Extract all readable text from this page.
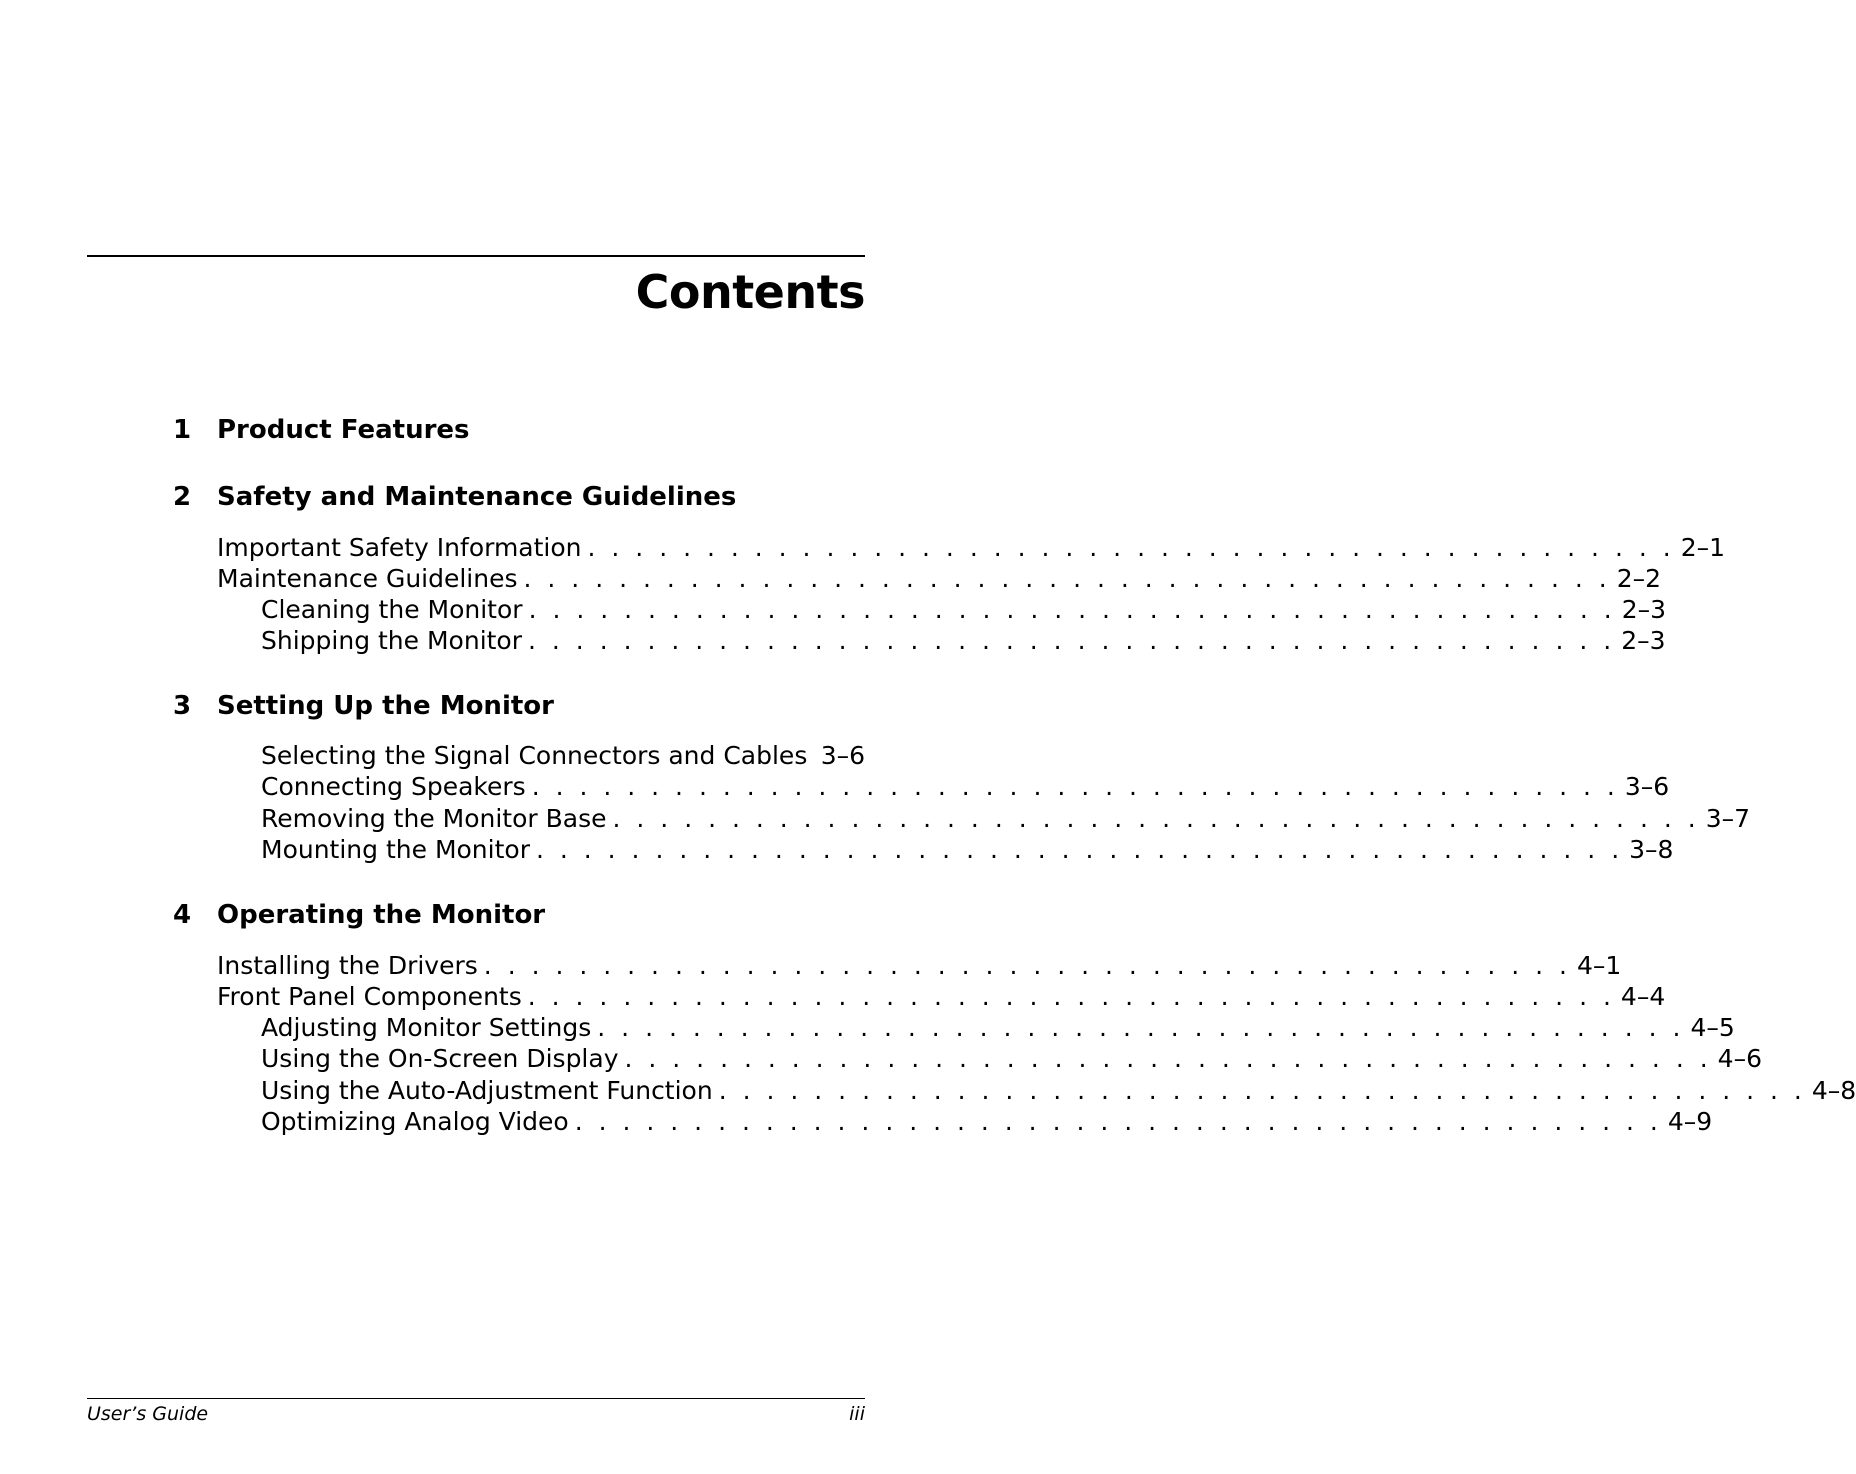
Contents
1 Product Features
2 Safety and Maintenance Guidelines
Important Safety Information . . . . . . . . . . . . . . . . . . . . . . . . . . . . . . . . . . . . . . . . . . . . . . 2–1
Maintenance Guidelines . . . . . . . . . . . . . . . . . . . . . . . . . . . . . . . . . . . . . . . . . . . . . . 2–2
Cleaning the Monitor . . . . . . . . . . . . . . . . . . . . . . . . . . . . . . . . . . . . . . . . . . . . . . 2–3
Shipping the Monitor . . . . . . . . . . . . . . . . . . . . . . . . . . . . . . . . . . . . . . . . . . . . . . 2–3
3 Setting Up the Monitor
Selecting the Signal Connectors and Cables 3–6
Connecting Speakers . . . . . . . . . . . . . . . . . . . . . . . . . . . . . . . . . . . . . . . . . . . . . . 3–6
Removing the Monitor Base . . . . . . . . . . . . . . . . . . . . . . . . . . . . . . . . . . . . . . . . . . . . . . 3–7
Mounting the Monitor . . . . . . . . . . . . . . . . . . . . . . . . . . . . . . . . . . . . . . . . . . . . . . 3–8
4 Operating the Monitor
Installing the Drivers . . . . . . . . . . . . . . . . . . . . . . . . . . . . . . . . . . . . . . . . . . . . . . 4–1
Front Panel Components . . . . . . . . . . . . . . . . . . . . . . . . . . . . . . . . . . . . . . . . . . . . . . 4–4
Adjusting Monitor Settings . . . . . . . . . . . . . . . . . . . . . . . . . . . . . . . . . . . . . . . . . . . . . . 4–5
Using the On-Screen Display . . . . . . . . . . . . . . . . . . . . . . . . . . . . . . . . . . . . . . . . . . . . . . 4–6
Using the Auto-Adjustment Function . . . . . . . . . . . . . . . . . . . . . . . . . . . . . . . . . . . . . . . . . . . . . . 4–8
Optimizing Analog Video . . . . . . . . . . . . . . . . . . . . . . . . . . . . . . . . . . . . . . . . . . . . . . 4–9
User’s Guide	iii
